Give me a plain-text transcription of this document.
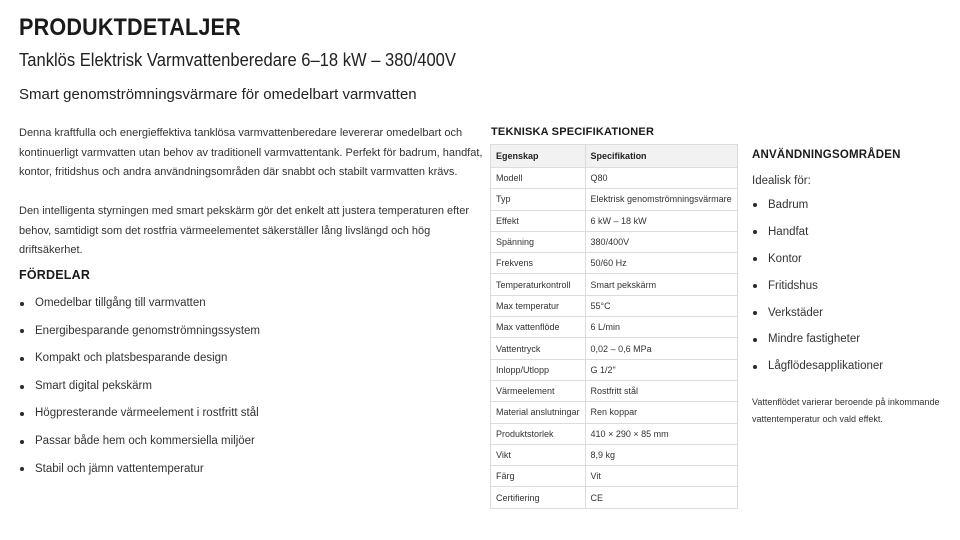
PRODUKTDETALJER
Tanklös Elektrisk Varmvattenberedare 6–18 kW – 380/400V

Smart genomströmningsvärmare för omedelbart varmvatten

Denna kraftfulla och energieffektiva tanklösa varmvattenberedare levererar omedelbart och kontinuerligt varmvatten utan behov av traditionell varmvattentank. Perfekt för badrum, handfat, kontor, fritidshus och andra användningsområden där snabbt och stabilt varmvatten krävs.

Den intelligenta styrningen med smart pekskärm gör det enkelt att justera temperaturen efter behov, samtidigt som det rostfria värmeelementet säkerställer lång livslängd och hög driftsäkerhet.

FÖRDELAR
Omedelbar tillgång till varmvatten
Energibesparande genomströmningssystem
Kompakt och platsbesparande design
Smart digital pekskärm
Högpresterande värmeelement i rostfritt stål
Passar både hem och kommersiella miljöer
Stabil och jämn vattentemperatur
TEKNISKA SPECIFIKATIONER
Egenskap	Specifikation
Modell	Q80
Typ	Elektrisk genomströmningsvärmare
Effekt	6 kW – 18 kW
Spänning	380/400V
Frekvens	50/60 Hz
Temperaturkontroll	Smart pekskärm
Max temperatur	55°C
Max vattenflöde	6 L/min
Vattentryck	0,02 – 0,6 MPa
Inlopp/Utlopp	G 1/2"
Värmeelement	Rostfritt stål
Material anslutningar	Ren koppar
Produktstorlek	410 × 290 × 85 mm
Vikt	8,9 kg
Färg	Vit
Certifiering	CE
ANVÄNDNINGSOMRÅDEN

Idealisk för:

Badrum
Handfat
Kontor
Fritidshus
Verkstäder
Mindre fastigheter
Lågflödesapplikationer

Vattenflödet varierar beroende på inkommande vattentemperatur och vald effekt.
